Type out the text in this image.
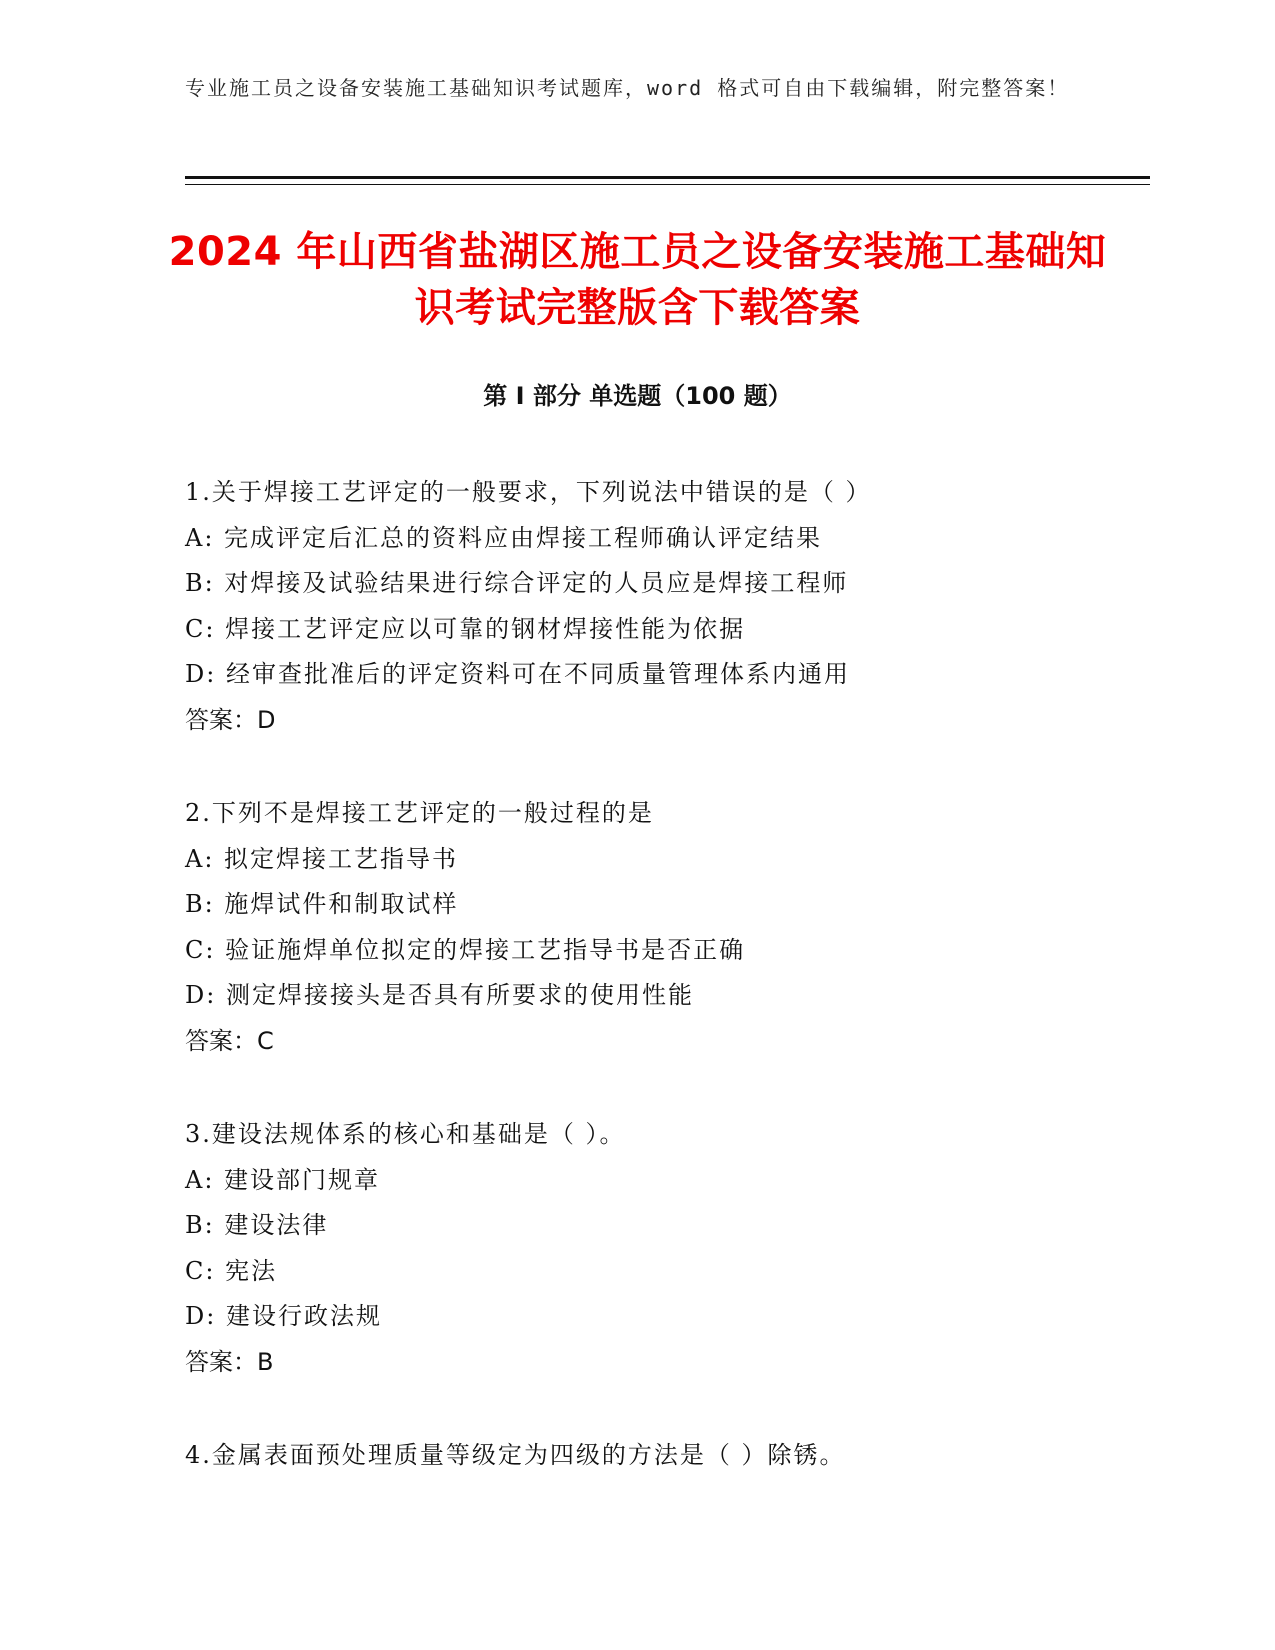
专业施工员之设备安装施工基础知识考试题库，word 格式可自由下载编辑，附完整答案！
2024 年山西省盐湖区施工员之设备安装施工基础知识考试完整版含下载答案
第 I 部分 单选题（100 题）
1.关于焊接工艺评定的一般要求，下列说法中错误的是（ ）
A: 完成评定后汇总的资料应由焊接工程师确认评定结果
B: 对焊接及试验结果进行综合评定的人员应是焊接工程师
C: 焊接工艺评定应以可靠的钢材焊接性能为依据
D: 经审查批准后的评定资料可在不同质量管理体系内通用
答案：D
2.下列不是焊接工艺评定的一般过程的是
A: 拟定焊接工艺指导书
B: 施焊试件和制取试样
C: 验证施焊单位拟定的焊接工艺指导书是否正确
D: 测定焊接接头是否具有所要求的使用性能
答案：C
3.建设法规体系的核心和基础是（ ）。
A: 建设部门规章
B: 建设法律
C: 宪法
D: 建设行政法规
答案：B
4.金属表面预处理质量等级定为四级的方法是（ ）除锈。
